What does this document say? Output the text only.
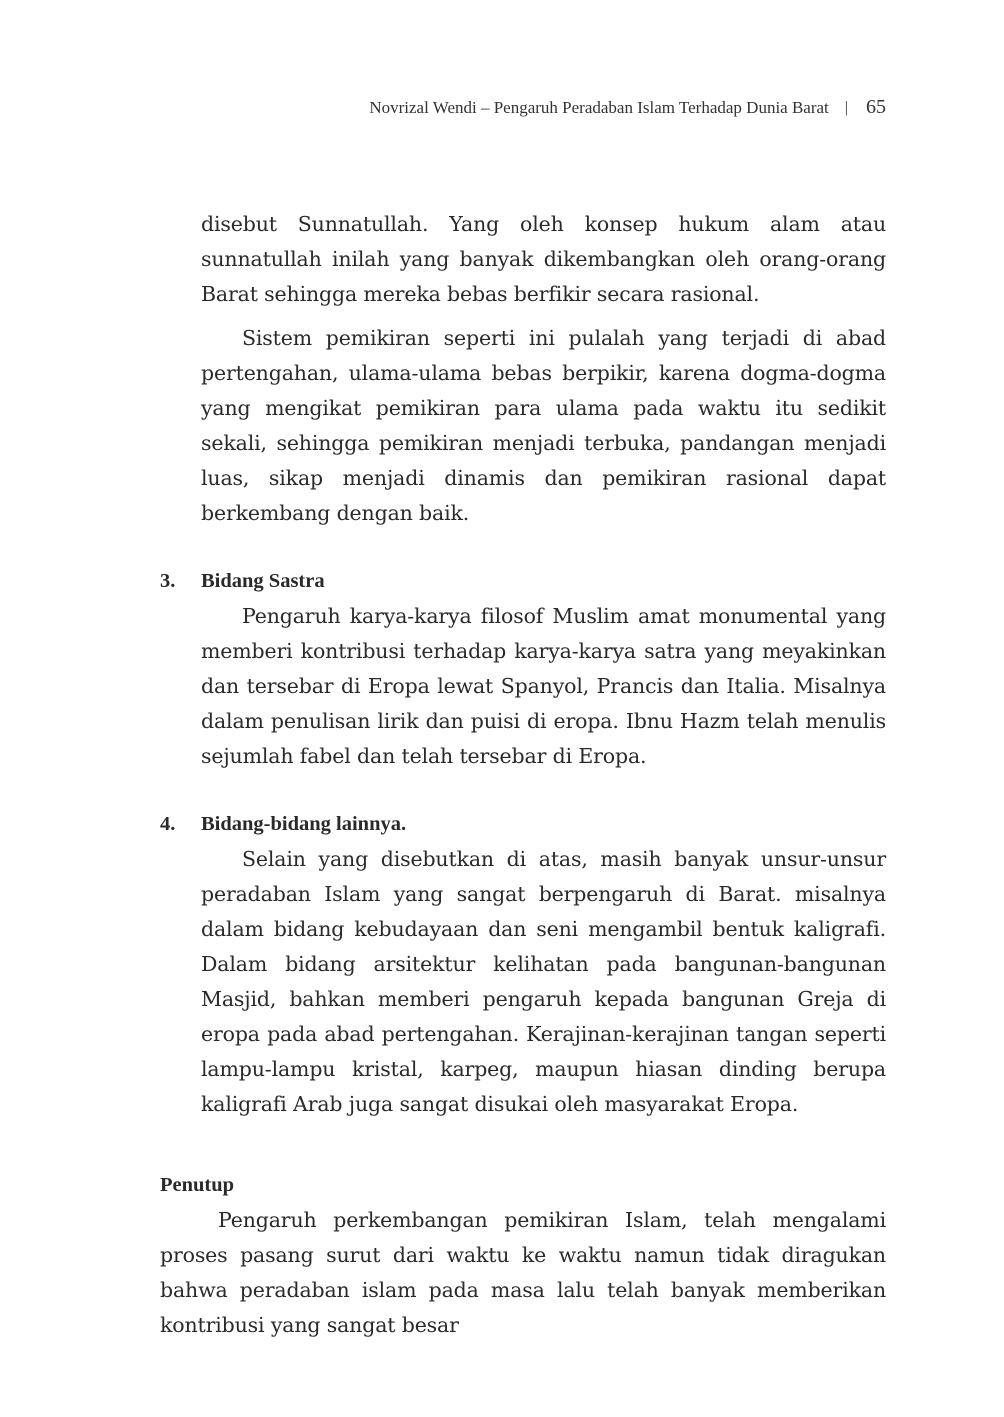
Novrizal Wendi – Pengaruh Peradaban Islam Terhadap Dunia Barat | 65

disebut Sunnatullah. Yang oleh konsep hukum alam atau sunnatullah inilah yang banyak dikembangkan oleh orang-orang Barat sehingga mereka bebas berfikir secara rasional.

Sistem pemikiran seperti ini pulalah yang terjadi di abad pertengahan, ulama-ulama bebas berpikir, karena dogma-dogma yang mengikat pemikiran para ulama pada waktu itu sedikit sekali, sehingga pemikiran menjadi terbuka, pandangan menjadi luas, sikap menjadi dinamis dan pemikiran rasional dapat berkembang dengan baik.

3.	Bidang Sastra

Pengaruh karya-karya filosof Muslim amat monumental yang memberi kontribusi terhadap karya-karya satra yang meyakinkan dan tersebar di Eropa lewat Spanyol, Prancis dan Italia. Misalnya dalam penulisan lirik dan puisi di eropa. Ibnu Hazm telah menulis sejumlah fabel dan telah tersebar di Eropa.

4.	Bidang-bidang lainnya.

Selain yang disebutkan di atas, masih banyak unsur-unsur peradaban Islam yang sangat berpengaruh di Barat. misalnya dalam bidang kebudayaan dan seni mengambil bentuk kaligrafi. Dalam bidang arsitektur kelihatan pada bangunan-bangunan Masjid, bahkan memberi pengaruh kepada bangunan Greja di eropa pada abad pertengahan. Kerajinan-kerajinan tangan seperti lampu-lampu kristal, karpeg, maupun hiasan dinding berupa kaligrafi Arab juga sangat disukai oleh masyarakat Eropa.

Penutup

Pengaruh perkembangan pemikiran Islam, telah mengalami proses pasang surut dari waktu ke waktu namun tidak diragukan bahwa peradaban islam pada masa lalu telah banyak memberikan kontribusi yang sangat besar
